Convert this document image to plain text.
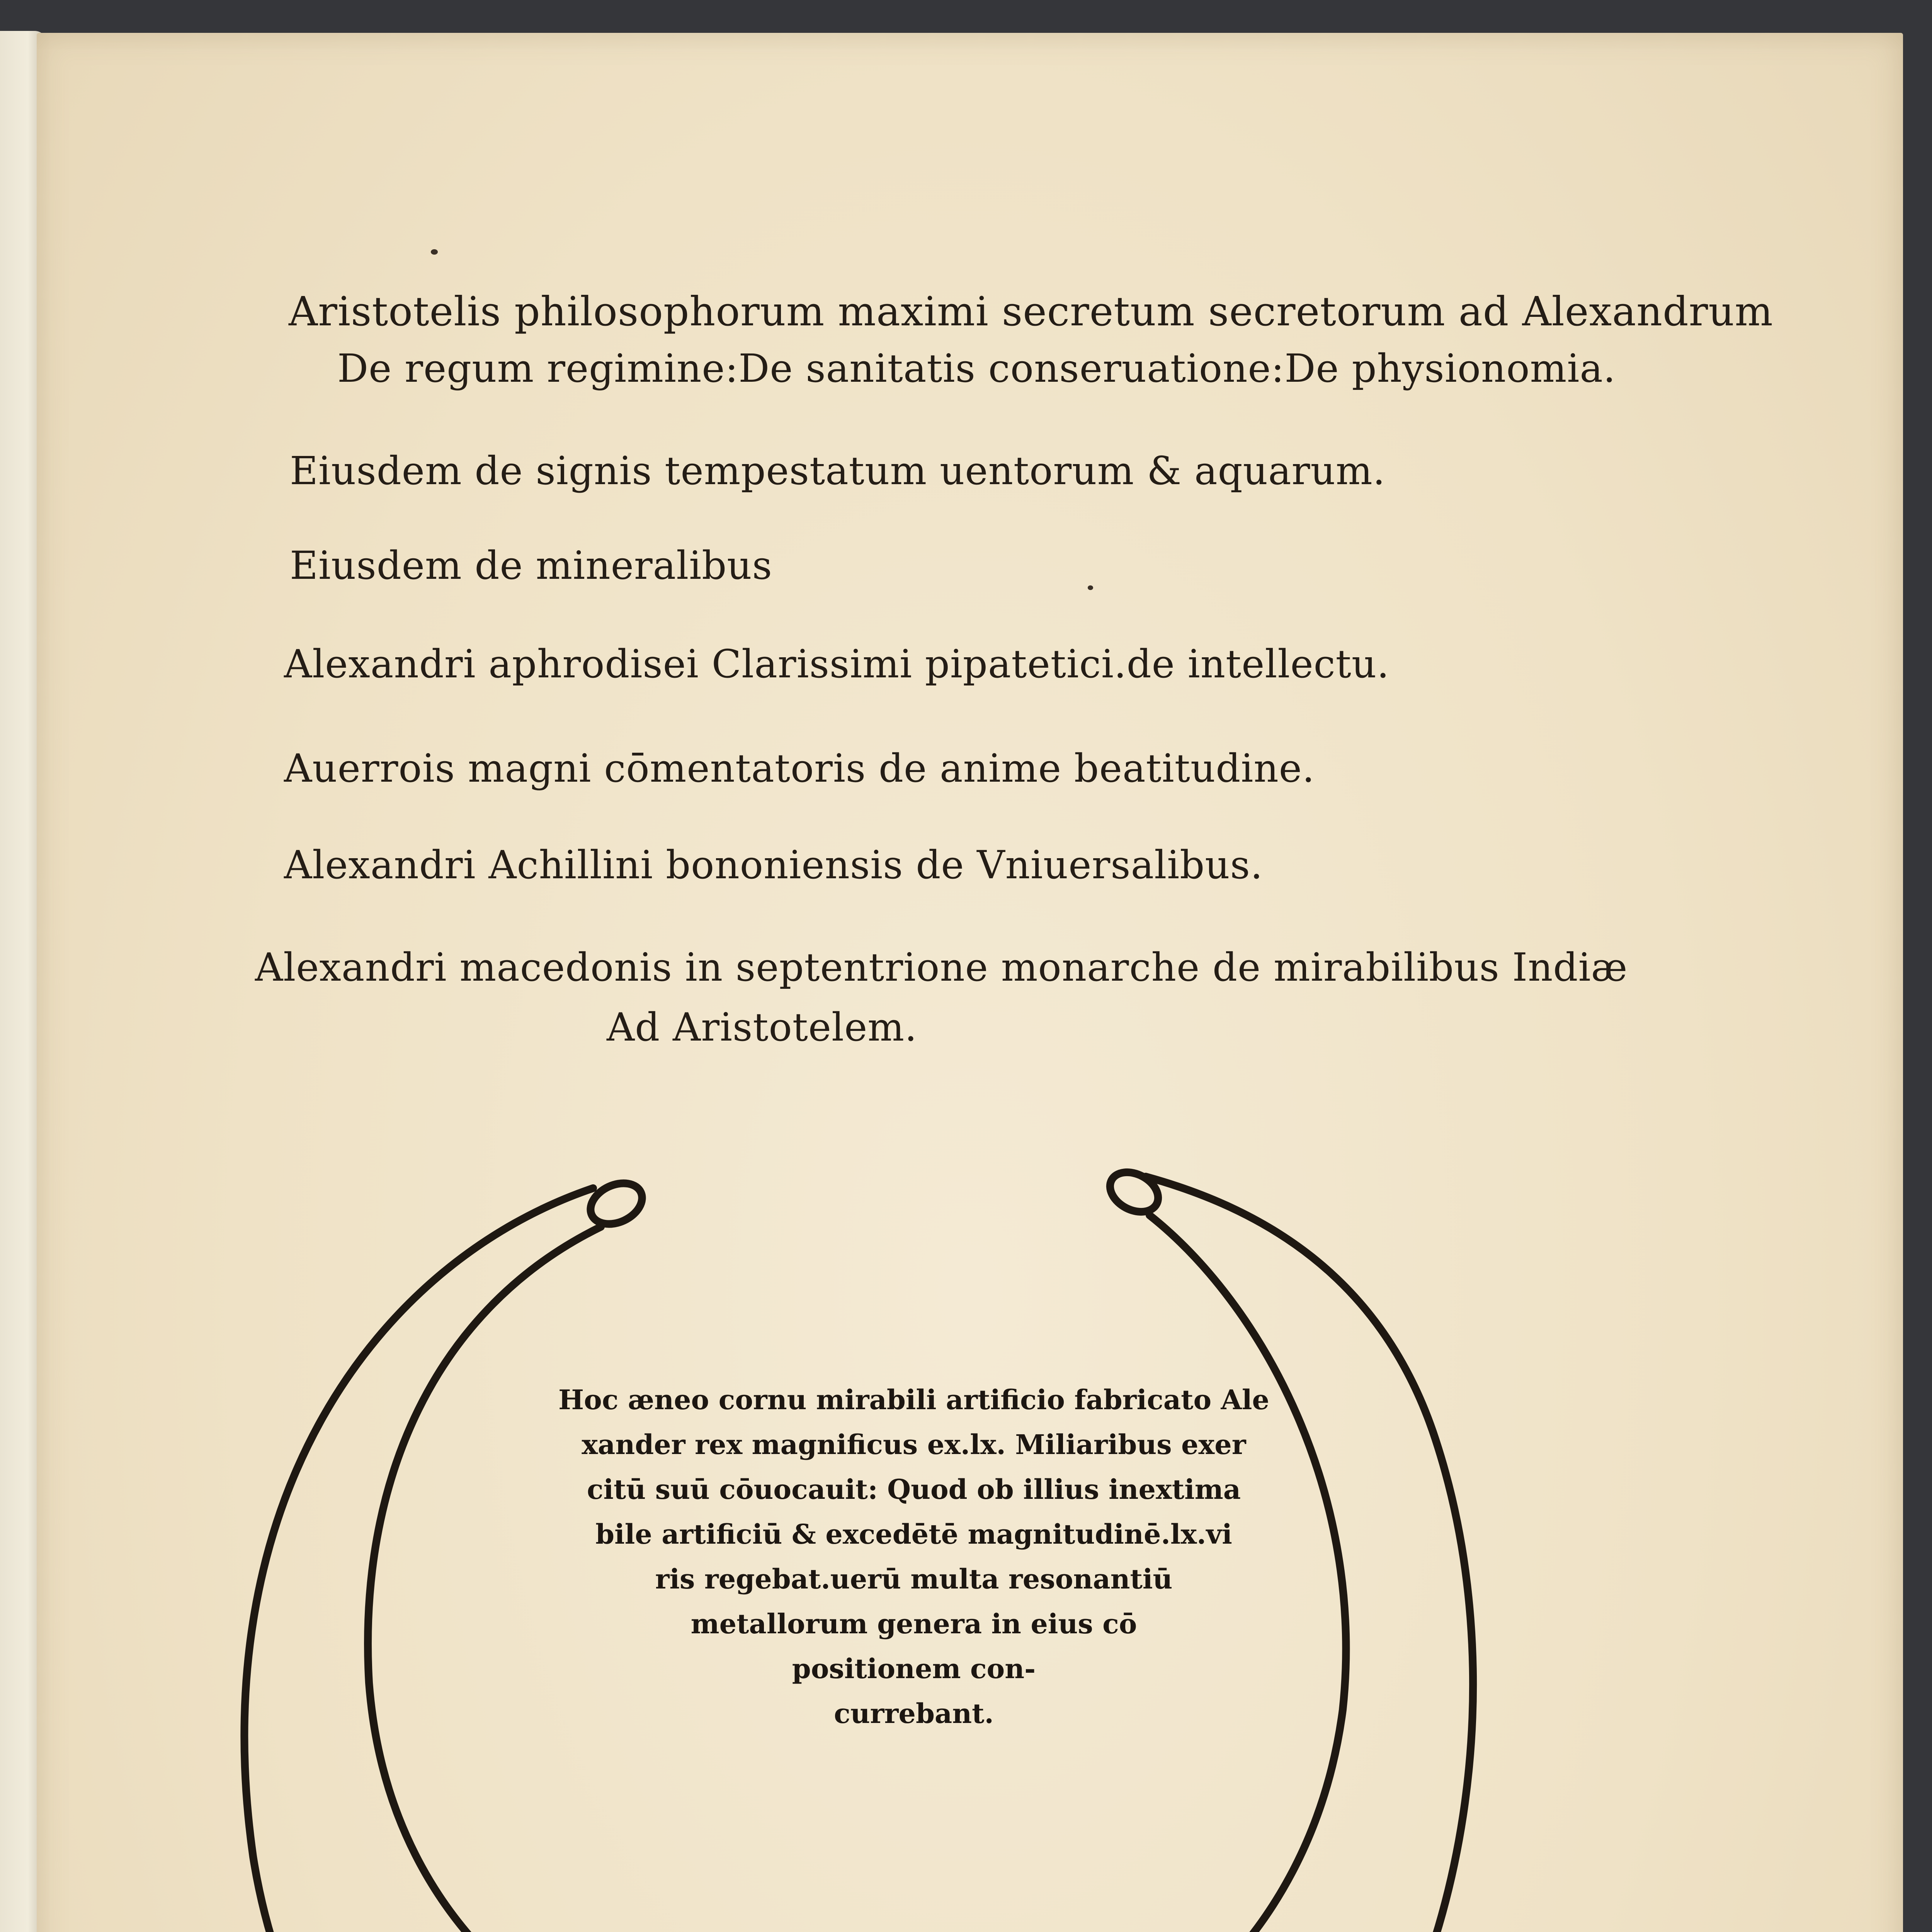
Aristotelis philosophorum maximi secretum secretorum ad Alexandrum
De regum regimine:De sanitatis conseruatione:De physionomia.
Eiusdem de signis tempestatum uentorum & aquarum.
Eiusdem de mineralibus
Alexandri aphrodisei Clarissimi pipatetici.de intellectu.
Auerrois magni cōmentatoris de anime beatitudine.
Alexandri Achillini bononiensis de Vniuersalibus.
Alexandri macedonis in septentrione monarche de mirabilibus Indiæ
Ad Aristotelem.
Hoc æneo cornu mirabili artificio fabricato Ale
xander rex magnificus ex.lx. Miliaribus exer
citū suū cōuocauit: Quod ob illius inextima
bile artificiū & excedētē magnitudinē.lx.vi
ris regebat.uerū multa resonantiū
metallorum genera in eius cō
positionem con-
currebant.
